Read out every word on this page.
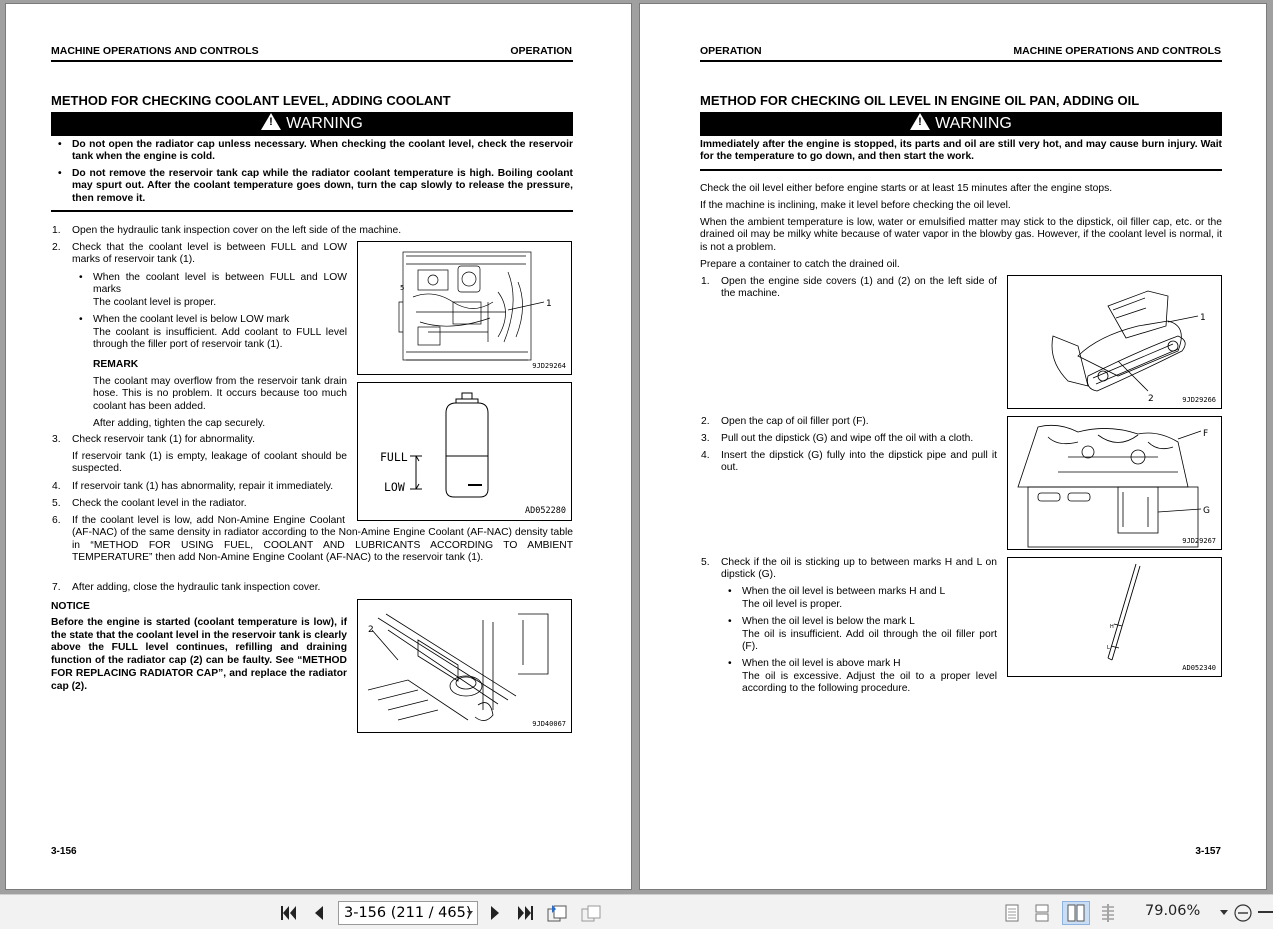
MACHINE OPERATIONS AND CONTROLS	OPERATION
METHOD FOR CHECKING COOLANT LEVEL, ADDING COOLANT
! WARNING
• Do not open the radiator cap unless necessary. When checking the coolant level, check the reservoir tank when the engine is cold.
• Do not remove the reservoir tank cap while the radiator coolant temperature is high. Boiling coolant may spurt out. After the coolant temperature goes down, turn the cap slowly to release the pressure, then remove it.
1. Open the hydraulic tank inspection cover on the left side of the machine.
2. Check that the coolant level is between FULL and LOW marks of reservoir tank (1).
• When the coolant level is between FULL and LOW marks
The coolant level is proper.
• When the coolant level is below LOW mark
The coolant is insufficient. Add coolant to FULL level through the filler port of reservoir tank (1).
REMARK
The coolant may overflow from the reservoir tank drain hose. This is no problem. It occurs because too much coolant has been added.
After adding, tighten the cap securely.
3. Check reservoir tank (1) for abnormality.
If reservoir tank (1) is empty, leakage of coolant should be suspected.
4. If reservoir tank (1) has abnormality, repair it immediately.
5. Check the coolant level in the radiator.
6. If the coolant level is low, add Non-Amine Engine Coolant (AF-NAC) of the same density in radiator according to the Non-Amine Engine Coolant (AF-NAC) density table in “METHOD FOR USING FUEL, COOLANT AND LUBRICANTS ACCORDING TO AMBIENT TEMPERATURE” then add Non-Amine Engine Coolant (AF-NAC) to the reservoir tank (1).
7. After adding, close the hydraulic tank inspection cover.
NOTICE
Before the engine is started (coolant temperature is low), if the state that the coolant level in the reservoir tank is clearly above the FULL level continues, refilling and draining function of the radiator cap (2) can be faulty. See “METHOD FOR REPLACING RADIATOR CAP”, and replace the radiator cap (2).
1
5
9JD29264
FULL
LOW
AD052280
2
9JD40067
3-156
OPERATION	MACHINE OPERATIONS AND CONTROLS
METHOD FOR CHECKING OIL LEVEL IN ENGINE OIL PAN, ADDING OIL
! WARNING
Immediately after the engine is stopped, its parts and oil are still very hot, and may cause burn injury. Wait for the temperature to go down, and then start the work.
Check the oil level either before engine starts or at least 15 minutes after the engine stops.
If the machine is inclining, make it level before checking the oil level.
When the ambient temperature is low, water or emulsified matter may stick to the dipstick, oil filler cap, etc. or the drained oil may be milky white because of water vapor in the blowby gas. However, if the coolant level is normal, it is not a problem.
Prepare a container to catch the drained oil.
1. Open the engine side covers (1) and (2) on the left side of the machine.
2. Open the cap of oil filler port (F).
3. Pull out the dipstick (G) and wipe off the oil with a cloth.
4. Insert the dipstick (G) fully into the dipstick pipe and pull it out.
5. Check if the oil is sticking up to between marks H and L on dipstick (G).
• When the oil level is between marks H and L
The oil level is proper.
• When the oil level is below the mark L
The oil is insufficient. Add oil through the oil filler port (F).
• When the oil level is above mark H
The oil is excessive. Adjust the oil to a proper level according to the following procedure.
1
2	9JD29266
F
G
9JD29267
H
L
AD052340
3-157
3-156 (211 / 465)	79.06%
